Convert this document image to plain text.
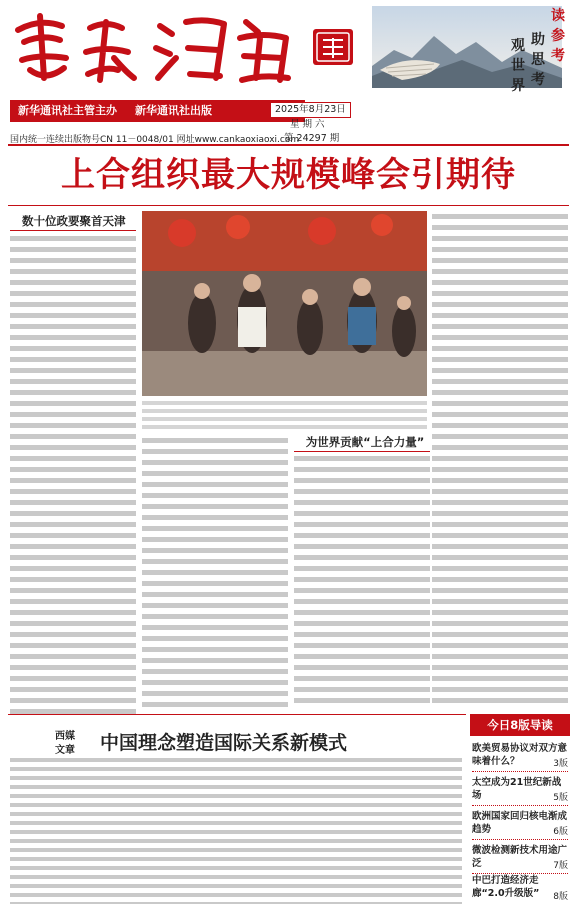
观世界
助思考
读参考
新华通讯社主管主办 新华通讯社出版	2025年8月23日
星 期 六
第 24297 期
国内统一连续出版物号CN 11－0048/01 网址www.cankaoxiaoxi.com
上合组织最大规模峰会引期待
数十位政要聚首天津
为世界贡献“上合力量”
西媒
文章	中国理念塑造国际关系新模式
今日8版导读
欧美贸易协议对双方意味着什么？	3版
太空成为21世纪新战场	5版
欧洲国家回归核电渐成趋势	6版
微波检测新技术用途广泛	7版
中巴打造经济走廊“2.0升级版”	8版
